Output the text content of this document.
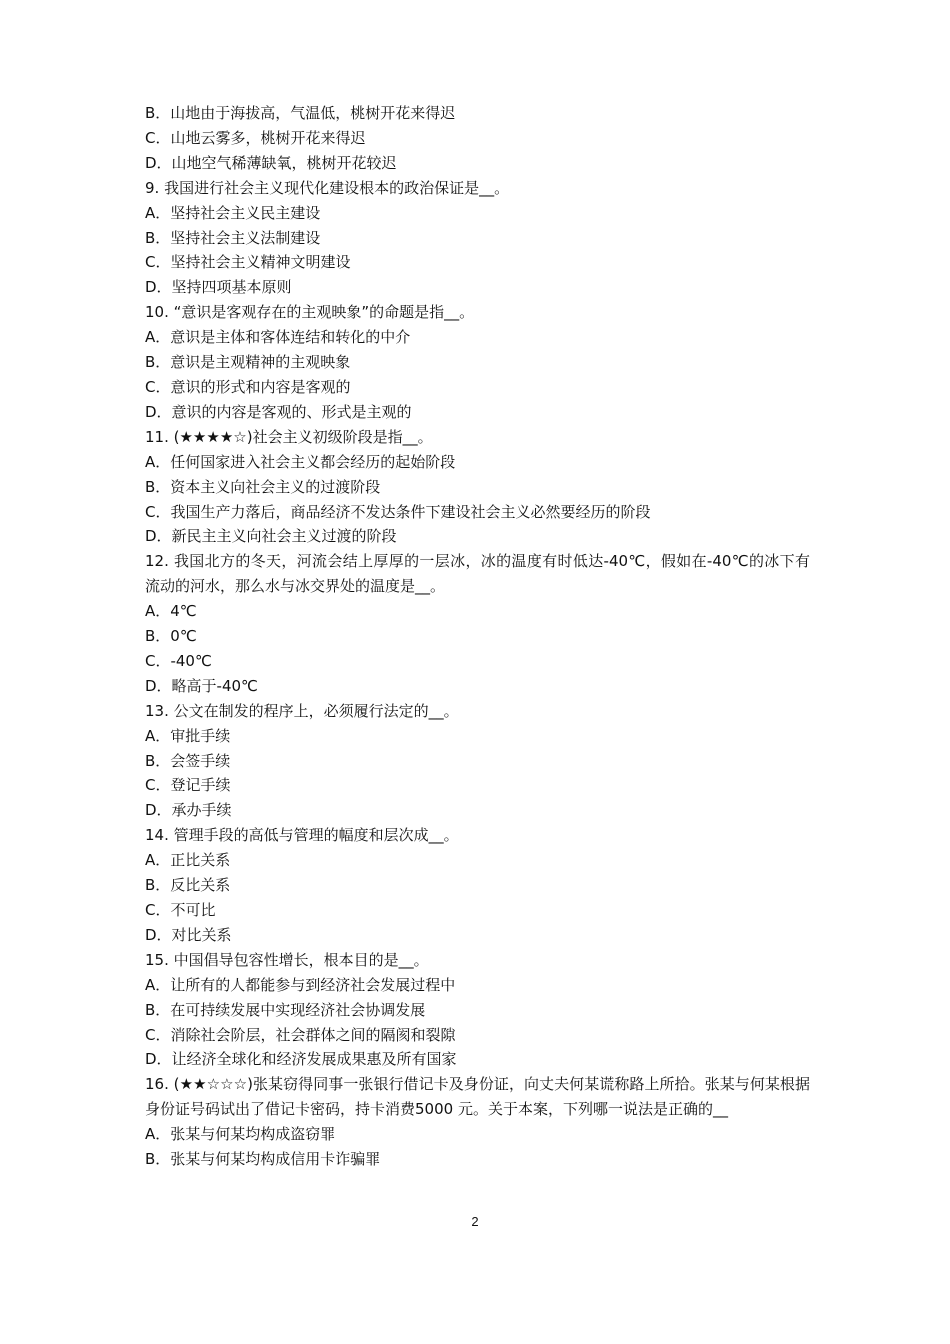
B．山地由于海拔高，气温低，桃树开花来得迟
C．山地云雾多，桃树开花来得迟
D．山地空气稀薄缺氧，桃树开花较迟
9. 我国进行社会主义现代化建设根本的政治保证是__。
A．坚持社会主义民主建设
B．坚持社会主义法制建设
C．坚持社会主义精神文明建设
D．坚持四项基本原则
10. “意识是客观存在的主观映象”的命题是指__。
A．意识是主体和客体连结和转化的中介
B．意识是主观精神的主观映象
C．意识的形式和内容是客观的
D．意识的内容是客观的、形式是主观的
11. (★★★★☆)社会主义初级阶段是指__。
A．任何国家进入社会主义都会经历的起始阶段
B．资本主义向社会主义的过渡阶段
C．我国生产力落后，商品经济不发达条件下建设社会主义必然要经历的阶段
D．新民主主义向社会主义过渡的阶段
12. 我国北方的冬天，河流会结上厚厚的一层冰，冰的温度有时低达-40℃，假如在-40℃的冰下有流动的河水，那么水与冰交界处的温度是__。
A．4℃
B．0℃
C．-40℃
D．略高于-40℃
13. 公文在制发的程序上，必须履行法定的__。
A．审批手续
B．会签手续
C．登记手续
D．承办手续
14. 管理手段的高低与管理的幅度和层次成__。
A．正比关系
B．反比关系
C．不可比
D．对比关系
15. 中国倡导包容性增长，根本目的是__。
A．让所有的人都能参与到经济社会发展过程中
B．在可持续发展中实现经济社会协调发展
C．消除社会阶层，社会群体之间的隔阂和裂隙
D．让经济全球化和经济发展成果惠及所有国家
16. (★★☆☆☆)张某窃得同事一张银行借记卡及身份证，向丈夫何某谎称路上所拾。张某与何某根据身份证号码试出了借记卡密码，持卡消费5000 元。关于本案，下列哪一说法是正确的__
A．张某与何某均构成盗窃罪
B．张某与何某均构成信用卡诈骗罪
2
